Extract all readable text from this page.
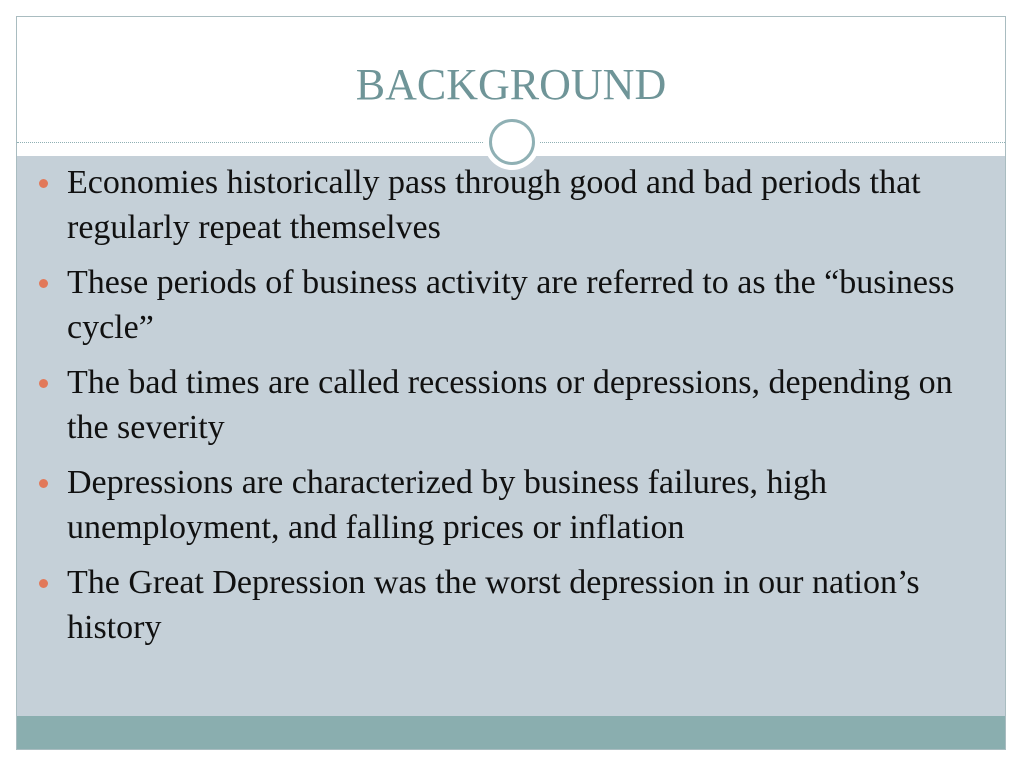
BACKGROUND
Economies historically pass through good and bad periods that regularly repeat themselves
These periods of business activity are referred to as the “business cycle”
The bad times are called recessions or depressions, depending on the severity
Depressions are characterized by business failures, high unemployment, and falling prices or inflation
The Great Depression was the worst depression in our nation’s history
